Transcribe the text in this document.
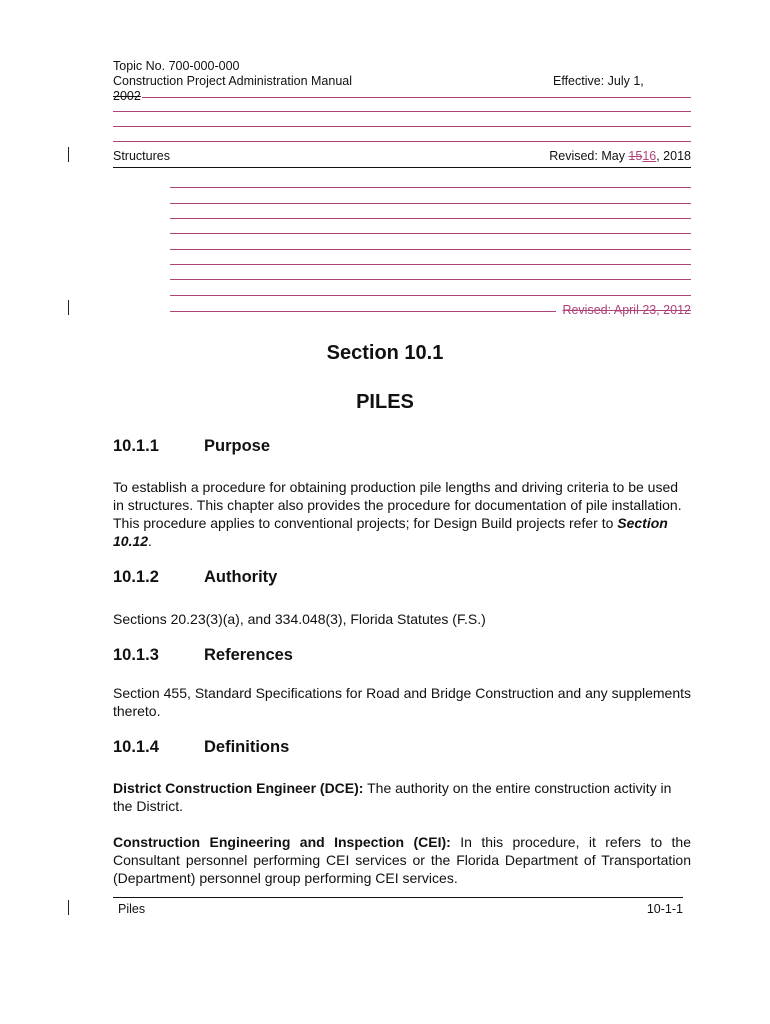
Topic No. 700-000-000
Construction Project Administration Manual	Effective: July 1,
2002
Structures	Revised: May 1516, 2018
Revised: April 23, 2012
Section 10.1
PILES
10.1.1	Purpose
To establish a procedure for obtaining production pile lengths and driving criteria to be used in structures. This chapter also provides the procedure for documentation of pile installation. This procedure applies to conventional projects; for Design Build projects refer to Section 10.12.
10.1.2	Authority
Sections 20.23(3)(a), and 334.048(3), Florida Statutes (F.S.)
10.1.3	References
Section 455, Standard Specifications for Road and Bridge Construction and any supplements thereto.
10.1.4	Definitions
District Construction Engineer (DCE): The authority on the entire construction activity in the District.
Construction Engineering and Inspection (CEI): In this procedure, it refers to the Consultant personnel performing CEI services or the Florida Department of Transportation (Department) personnel group performing CEI services.
Piles	10-1-1
